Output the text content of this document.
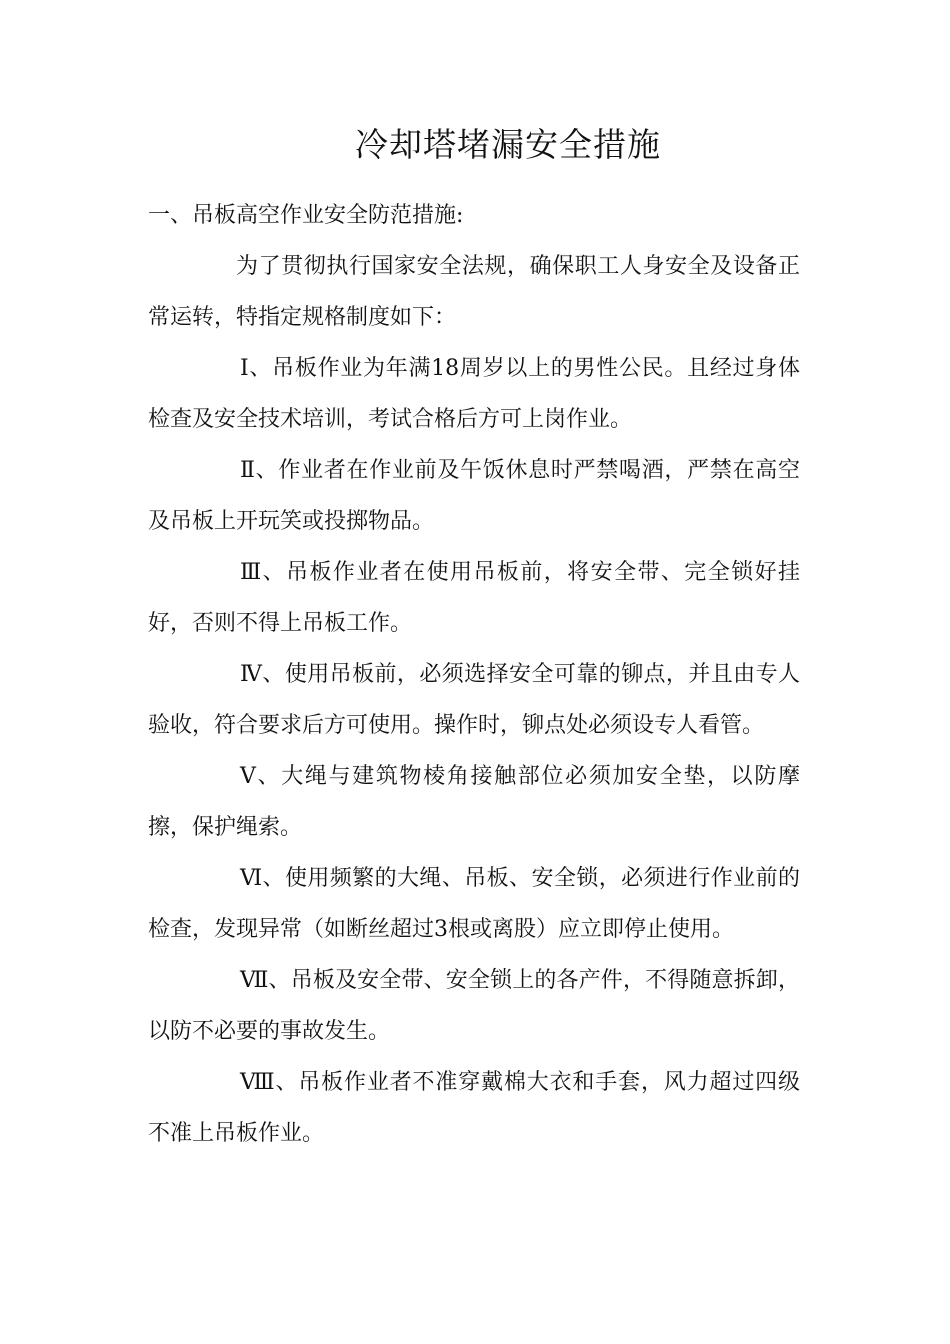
冷却塔堵漏安全措施

一、吊板高空作业安全防范措施:

为了贯彻执行国家安全法规，确保职工人身安全及设备正常运转，特指定规格制度如下：

Ⅰ、吊板作业为年满18周岁以上的男性公民。且经过身体检查及安全技术培训，考试合格后方可上岗作业。

Ⅱ、作业者在作业前及午饭休息时严禁喝酒，严禁在高空及吊板上开玩笑或投掷物品。

Ⅲ、吊板作业者在使用吊板前，将安全带、完全锁好挂好，否则不得上吊板工作。

Ⅳ、使用吊板前，必须选择安全可靠的铆点，并且由专人验收，符合要求后方可使用。操作时，铆点处必须设专人看管。

Ⅴ、大绳与建筑物棱角接触部位必须加安全垫，以防摩擦，保护绳索。

Ⅵ、使用频繁的大绳、吊板、安全锁，必须进行作业前的检查，发现异常（如断丝超过3根或离股）应立即停止使用。

Ⅶ、吊板及安全带、安全锁上的各产件，不得随意拆卸，以防不必要的事故发生。

Ⅷ、吊板作业者不准穿戴棉大衣和手套，风力超过四级不准上吊板作业。
